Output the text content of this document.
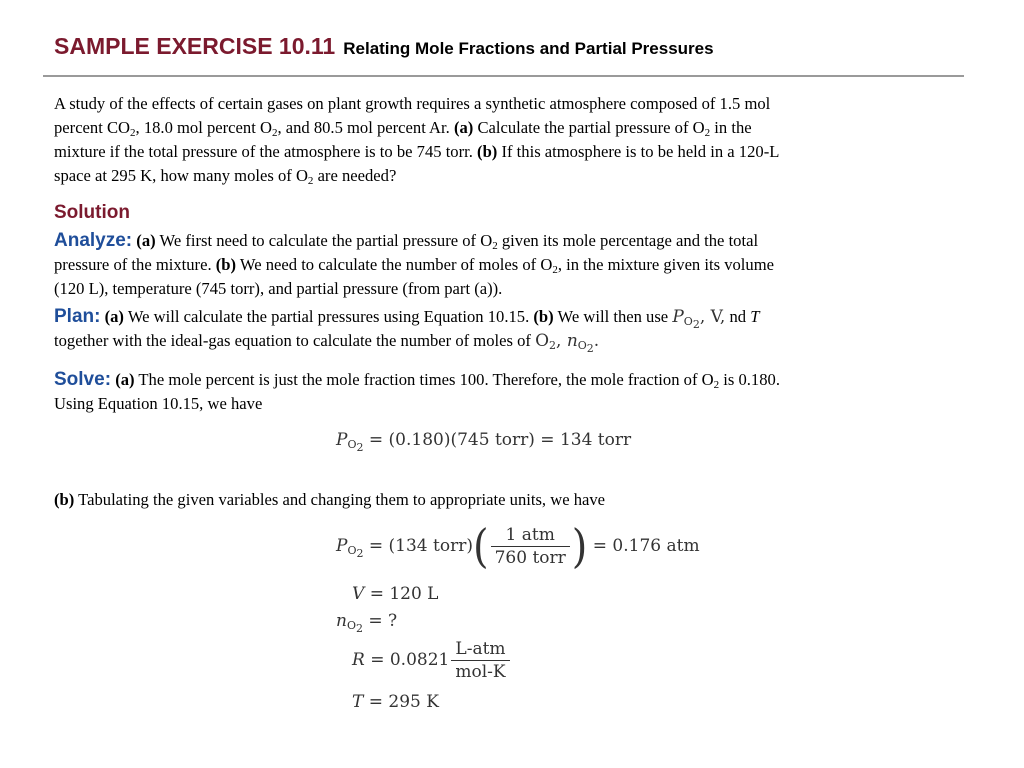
SAMPLE EXERCISE 10.11 Relating Mole Fractions and Partial Pressures
A study of the effects of certain gases on plant growth requires a synthetic atmosphere composed of 1.5 mol
percent $CO_2$, 18.0 mol percent $O_2$, and 80.5 mol percent Ar. (a) Calculate the partial pressure of $O_2$ in the
mixture if the total pressure of the atmosphere is to be 745 torr. (b) If this atmosphere is to be held in a 120-L
space at 295 K, how many moles of $O_2$ are needed?
Solution
Analyze: (a) We first need to calculate the partial pressure of $O_2$ given its mole percentage and the total
pressure of the mixture. (b) We need to calculate the number of moles of $O_2$, in the mixture given its volume
(120 L), temperature (745 torr), and partial pressure (from part (a)).
Plan: (a) We will calculate the partial pressures using Equation 10.15. (b) We will then use $P_{O_2}$, V, nd T
together with the ideal-gas equation to calculate the number of moles of $O_2$, $n_{O_2}$.
Solve: (a) The mole percent is just the mole fraction times 100. Therefore, the mole fraction of $O_2$ is 0.180.
Using Equation 10.15, we have
$P_{O_2} = (0.180)(745$ torr) = 134 torr
(b) Tabulating the given variables and changing them to appropriate units, we have
$P_{O_2} = (134$ torr)( $\frac{\text{1 atm}}{\text{760 torr}}$ ) = 0.176 atm
V = 120 L
$n_{O_2}$ = ?
$R = 0.0821 \frac{\text{L-atm}}{\text{mol-K}}$
T = 295 K
